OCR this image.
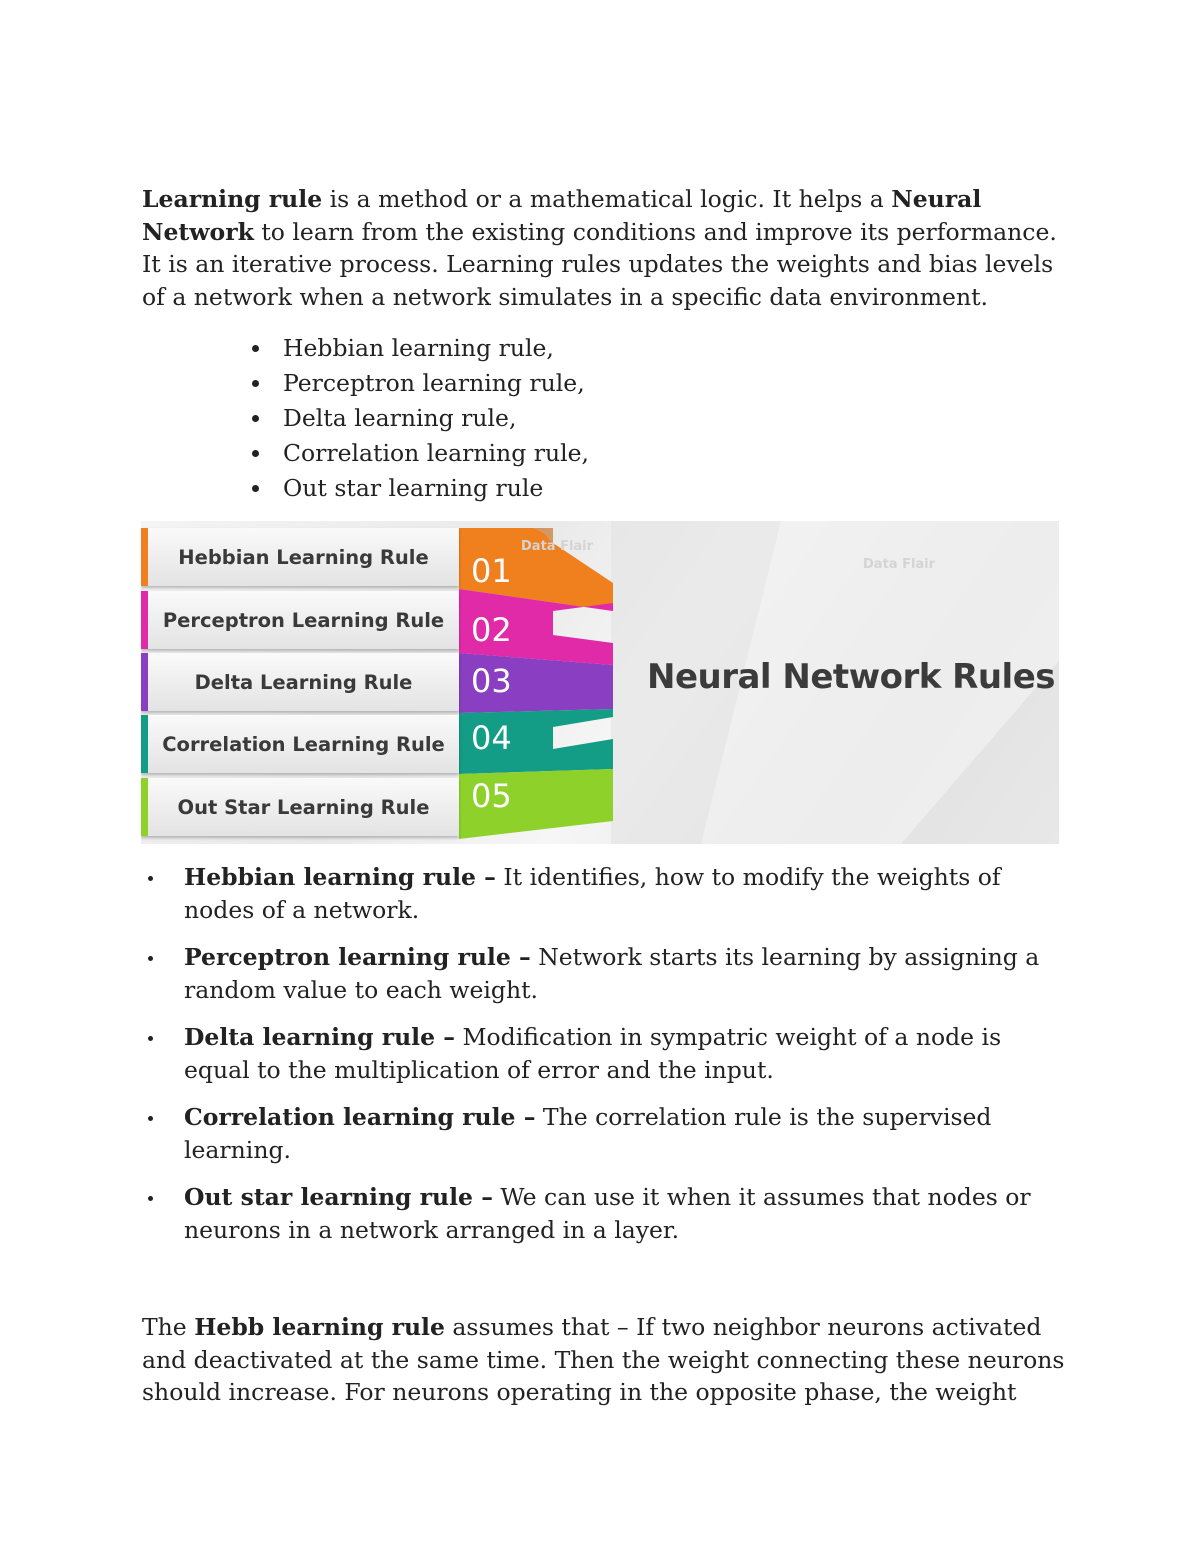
Learning rule is a method or a mathematical logic. It helps a Neural Network to learn from the existing conditions and improve its performance. It is an iterative process. Learning rules updates the weights and bias levels of a network when a network simulates in a specific data environment.

Hebbian learning rule,
Perceptron learning rule,
Delta learning rule,
Correlation learning rule,
Out star learning rule
Hebbian Learning Rule
Perceptron Learning Rule
Delta Learning Rule
Correlation Learning Rule
Out Star Learning Rule
01
02
03
04
05
Data Flair
Data Flair
Neural Network Rules
Hebbian learning rule – It identifies, how to modify the weights of nodes of a network.
Perceptron learning rule – Network starts its learning by assigning a random value to each weight.
Delta learning rule – Modification in sympatric weight of a node is equal to the multiplication of error and the input.
Correlation learning rule – The correlation rule is the supervised learning.
Out star learning rule – We can use it when it assumes that nodes or neurons in a network arranged in a layer.

The Hebb learning rule assumes that – If two neighbor neurons activated and deactivated at the same time. Then the weight connecting these neurons should increase. For neurons operating in the opposite phase, the weight
